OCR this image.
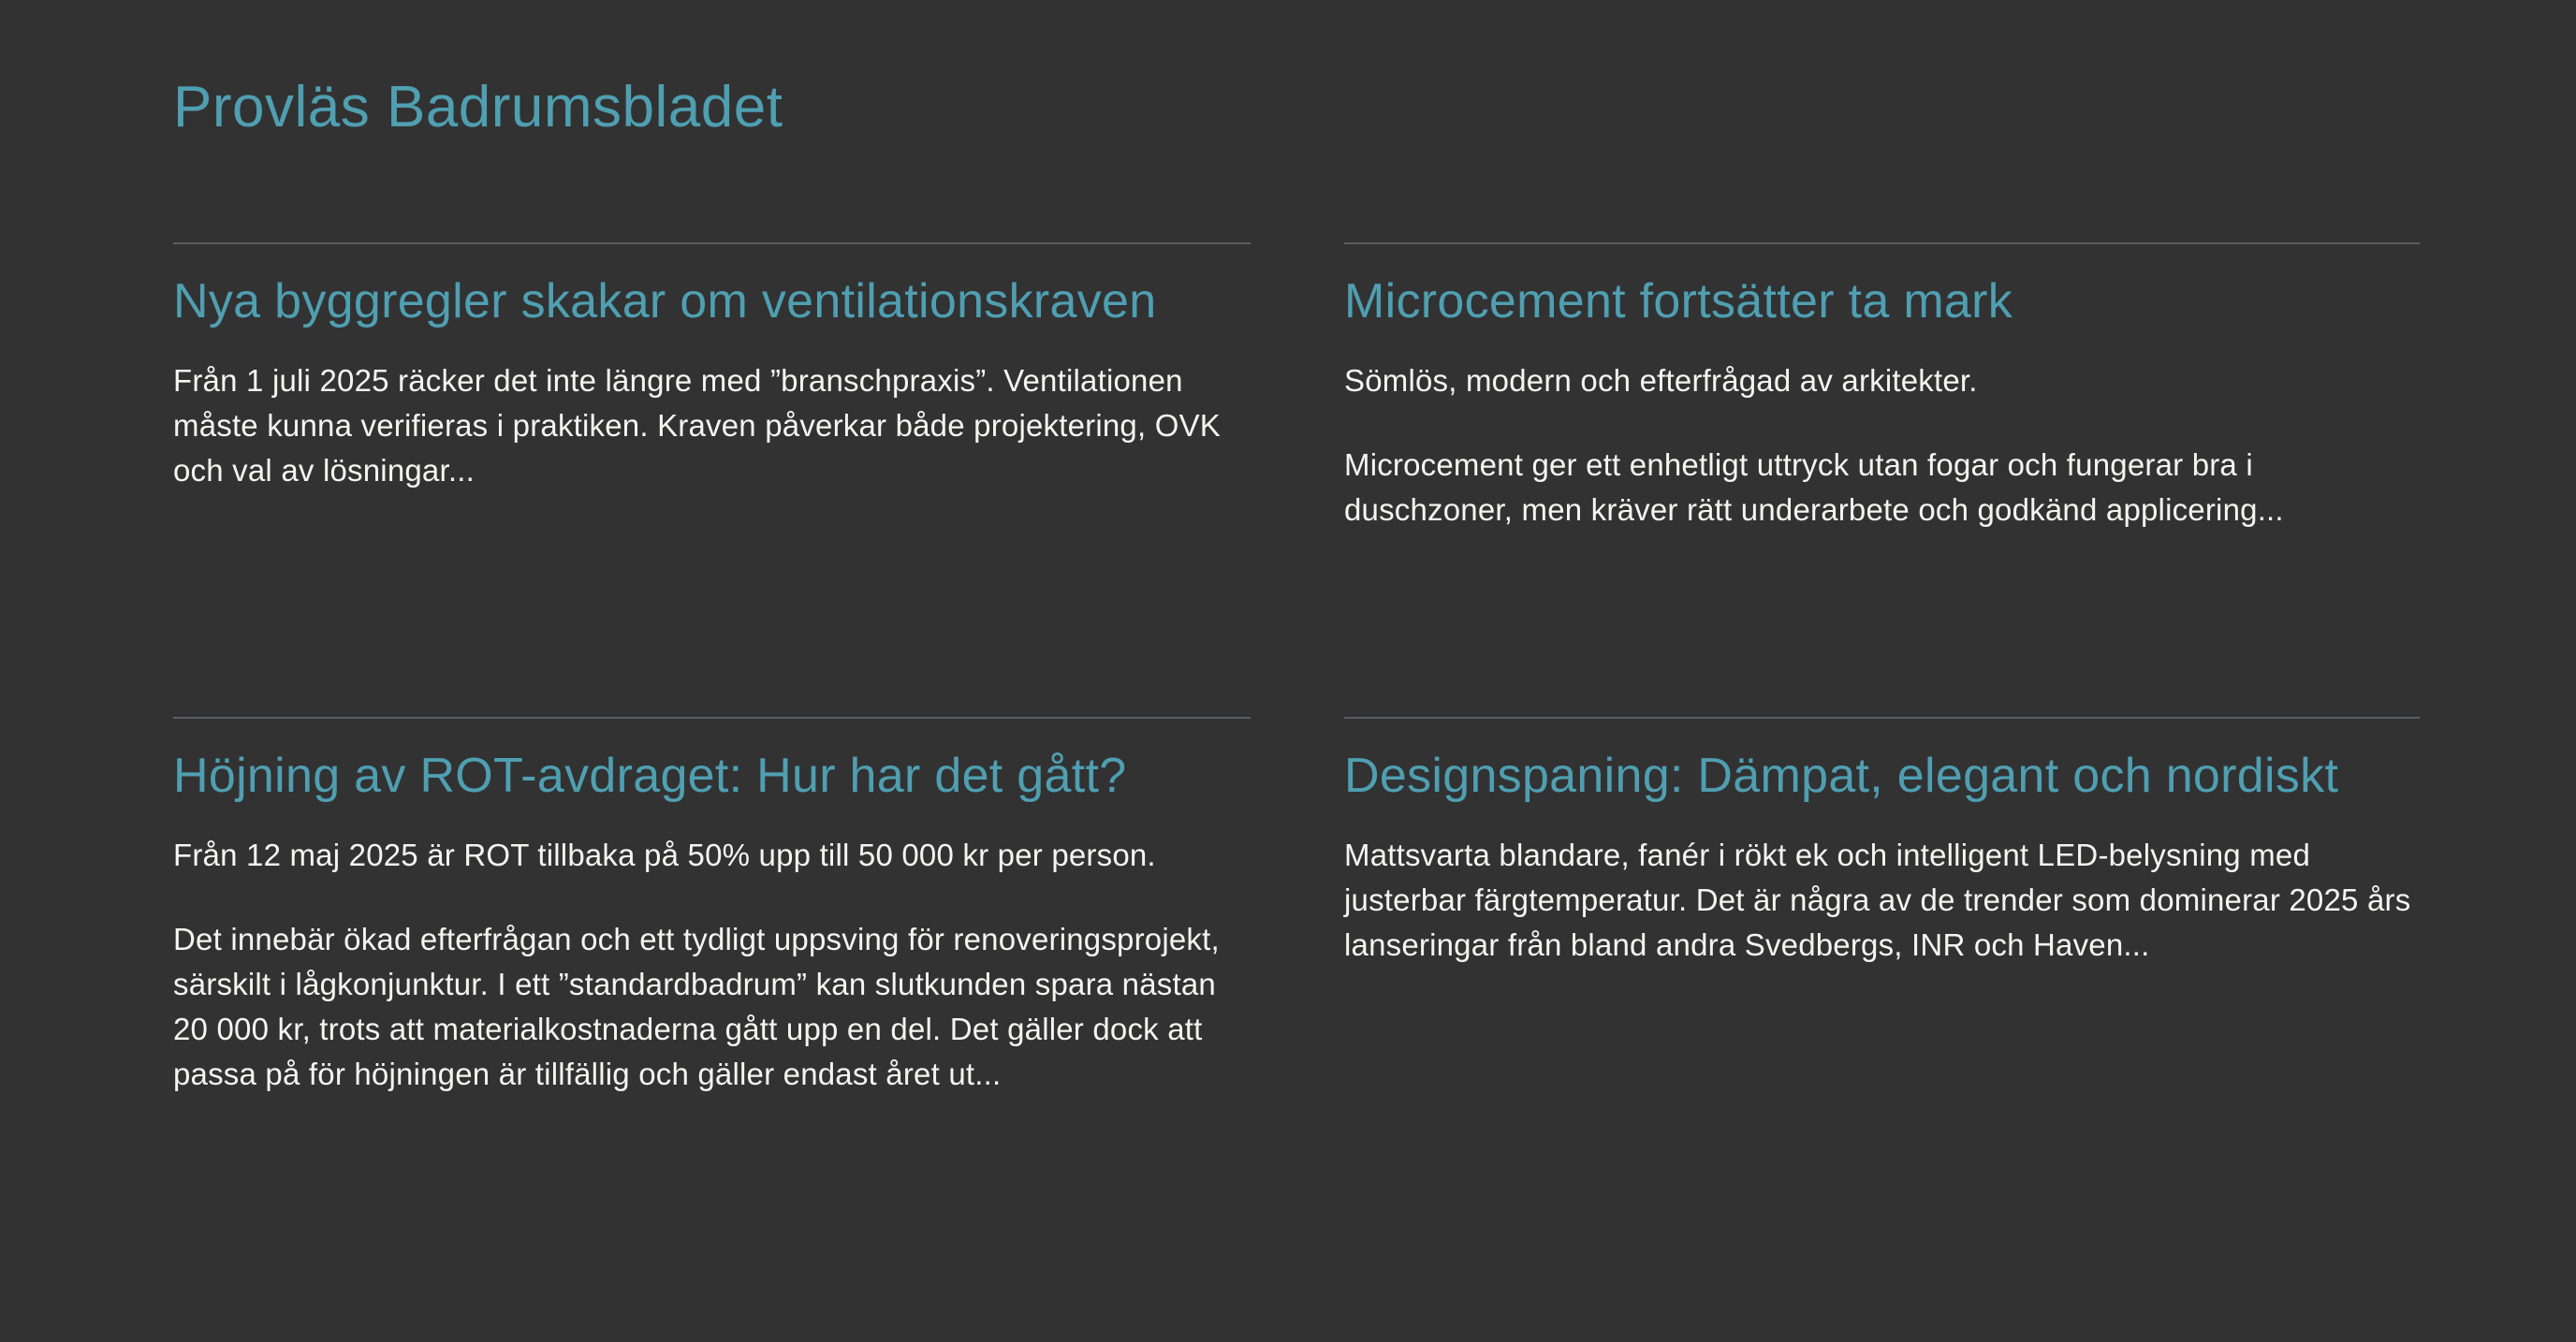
Provläs Badrumsbladet
Nya byggregler skakar om ventilationskraven

Från 1 juli 2025 räcker det inte längre med ”branschpraxis”. Ventilationen måste kunna verifieras i praktiken. Kraven påverkar både projektering, OVK och val av lösningar...

Microcement fortsätter ta mark

Sömlös, modern och efterfrågad av arkitekter.

Microcement ger ett enhetligt uttryck utan fogar och fungerar bra i duschzoner, men kräver rätt underarbete och godkänd applicering...

Höjning av ROT-avdraget: Hur har det gått?

Från 12 maj 2025 är ROT tillbaka på 50% upp till 50 000 kr per person.

Det innebär ökad efterfrågan och ett tydligt uppsving för renoveringsprojekt, särskilt i lågkonjunktur. I ett ”standardbadrum” kan slutkunden spara nästan 20 000 kr, trots att materialkostnaderna gått upp en del. Det gäller dock att passa på för höjningen är tillfällig och gäller endast året ut...

Designspaning: Dämpat, elegant och nordiskt

Mattsvarta blandare, fanér i rökt ek och intelligent LED-belysning med justerbar färgtemperatur. Det är några av de trender som dominerar 2025 års lanseringar från bland andra Svedbergs, INR och Haven...
